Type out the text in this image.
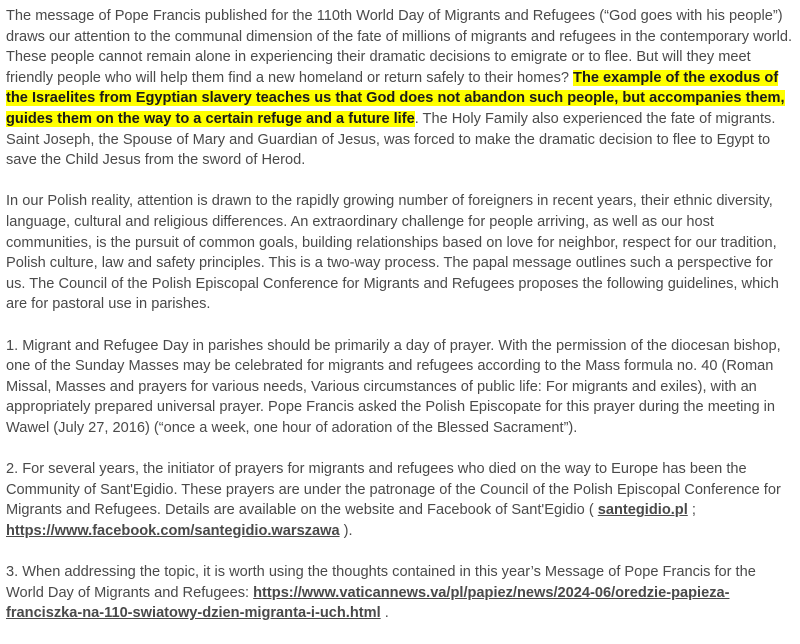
The message of Pope Francis published for the 110th World Day of Migrants and Refugees (“God goes with his people”) draws our attention to the communal dimension of the fate of millions of migrants and refugees in the contemporary world. These people cannot remain alone in experiencing their dramatic decisions to emigrate or to flee. But will they meet friendly people who will help them find a new homeland or return safely to their homes? The example of the exodus of the Israelites from Egyptian slavery teaches us that God does not abandon such people, but accompanies them, guides them on the way to a certain refuge and a future life. The Holy Family also experienced the fate of migrants. Saint Joseph, the Spouse of Mary and Guardian of Jesus, was forced to make the dramatic decision to flee to Egypt to save the Child Jesus from the sword of Herod.

In our Polish reality, attention is drawn to the rapidly growing number of foreigners in recent years, their ethnic diversity, language, cultural and religious differences. An extraordinary challenge for people arriving, as well as our host communities, is the pursuit of common goals, building relationships based on love for neighbor, respect for our tradition, Polish culture, law and safety principles. This is a two-way process. The papal message outlines such a perspective for us. The Council of the Polish Episcopal Conference for Migrants and Refugees proposes the following guidelines, which are for pastoral use in parishes.

1. Migrant and Refugee Day in parishes should be primarily a day of prayer. With the permission of the diocesan bishop, one of the Sunday Masses may be celebrated for migrants and refugees according to the Mass formula no. 40 (Roman Missal, Masses and prayers for various needs, Various circumstances of public life: For migrants and exiles), with an appropriately prepared universal prayer. Pope Francis asked the Polish Episcopate for this prayer during the meeting in Wawel (July 27, 2016) (“once a week, one hour of adoration of the Blessed Sacrament”).

2. For several years, the initiator of prayers for migrants and refugees who died on the way to Europe has been the Community of Sant'Egidio. These prayers are under the patronage of the Council of the Polish Episcopal Conference for Migrants and Refugees. Details are available on the website and Facebook of Sant'Egidio ( santegidio.pl ; https://www.facebook.com/santegidio.warszawa ).

3. When addressing the topic, it is worth using the thoughts contained in this year’s Message of Pope Francis for the World Day of Migrants and Refugees: https://www.vaticannews.va/pl/papiez/news/2024-06/oredzie-papieza-franciszka-na-110-swiatowy-dzien-migranta-i-uch.html .
